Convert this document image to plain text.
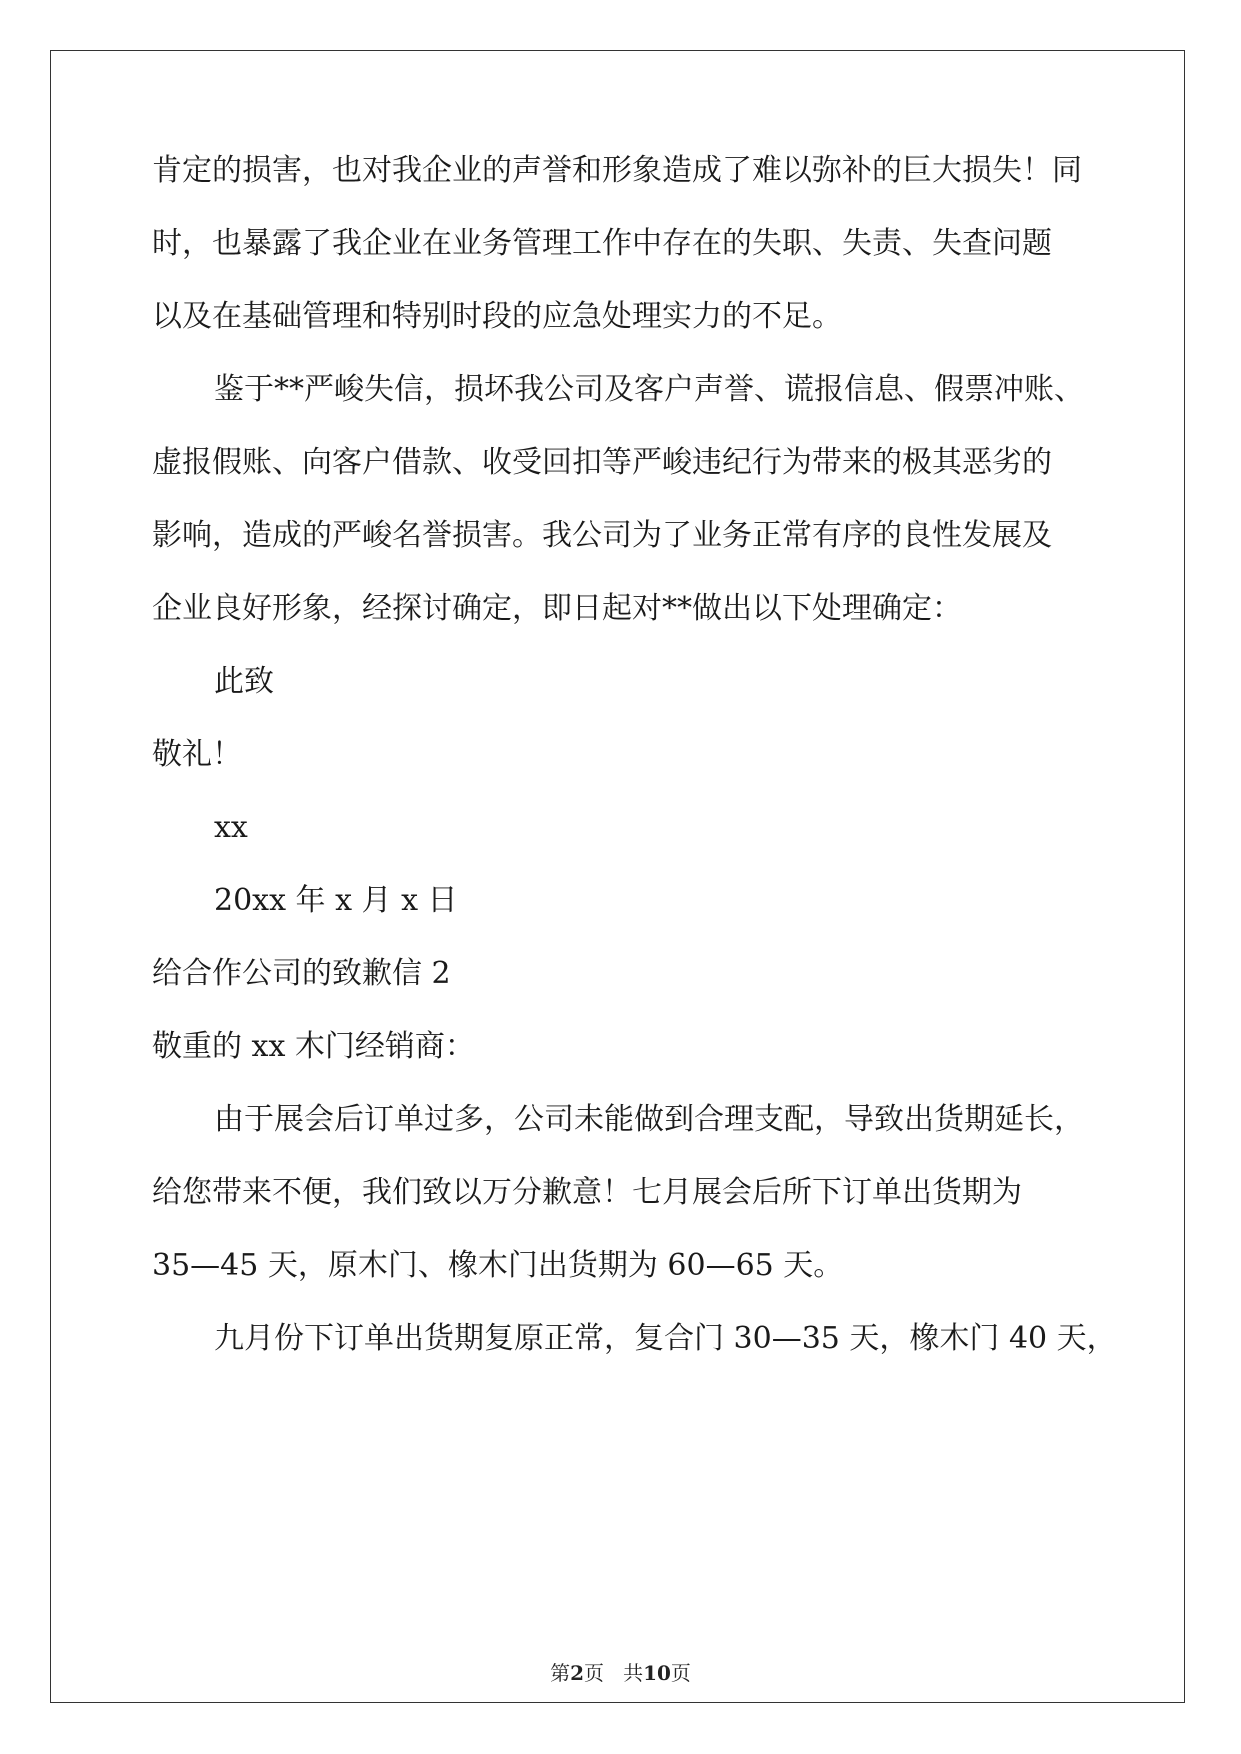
肯定的损害，也对我企业的声誉和形象造成了难以弥补的巨大损失！同
时，也暴露了我企业在业务管理工作中存在的失职、失责、失查问题
以及在基础管理和特别时段的应急处理实力的不足。
鉴于**严峻失信，损坏我公司及客户声誉、谎报信息、假票冲账、
虚报假账、向客户借款、收受回扣等严峻违纪行为带来的极其恶劣的
影响，造成的严峻名誉损害。我公司为了业务正常有序的良性发展及
企业良好形象，经探讨确定，即日起对**做出以下处理确定：
此致
敬礼！
xx
20xx 年 x 月 x 日
给合作公司的致歉信 2
敬重的 xx 木门经销商：
由于展会后订单过多，公司未能做到合理支配，导致出货期延长，
给您带来不便，我们致以万分歉意！七月展会后所下订单出货期为
35—45 天，原木门、橡木门出货期为 60—65 天。
九月份下订单出货期复原正常，复合门 30—35 天，橡木门 40 天，
第2页 共10页
